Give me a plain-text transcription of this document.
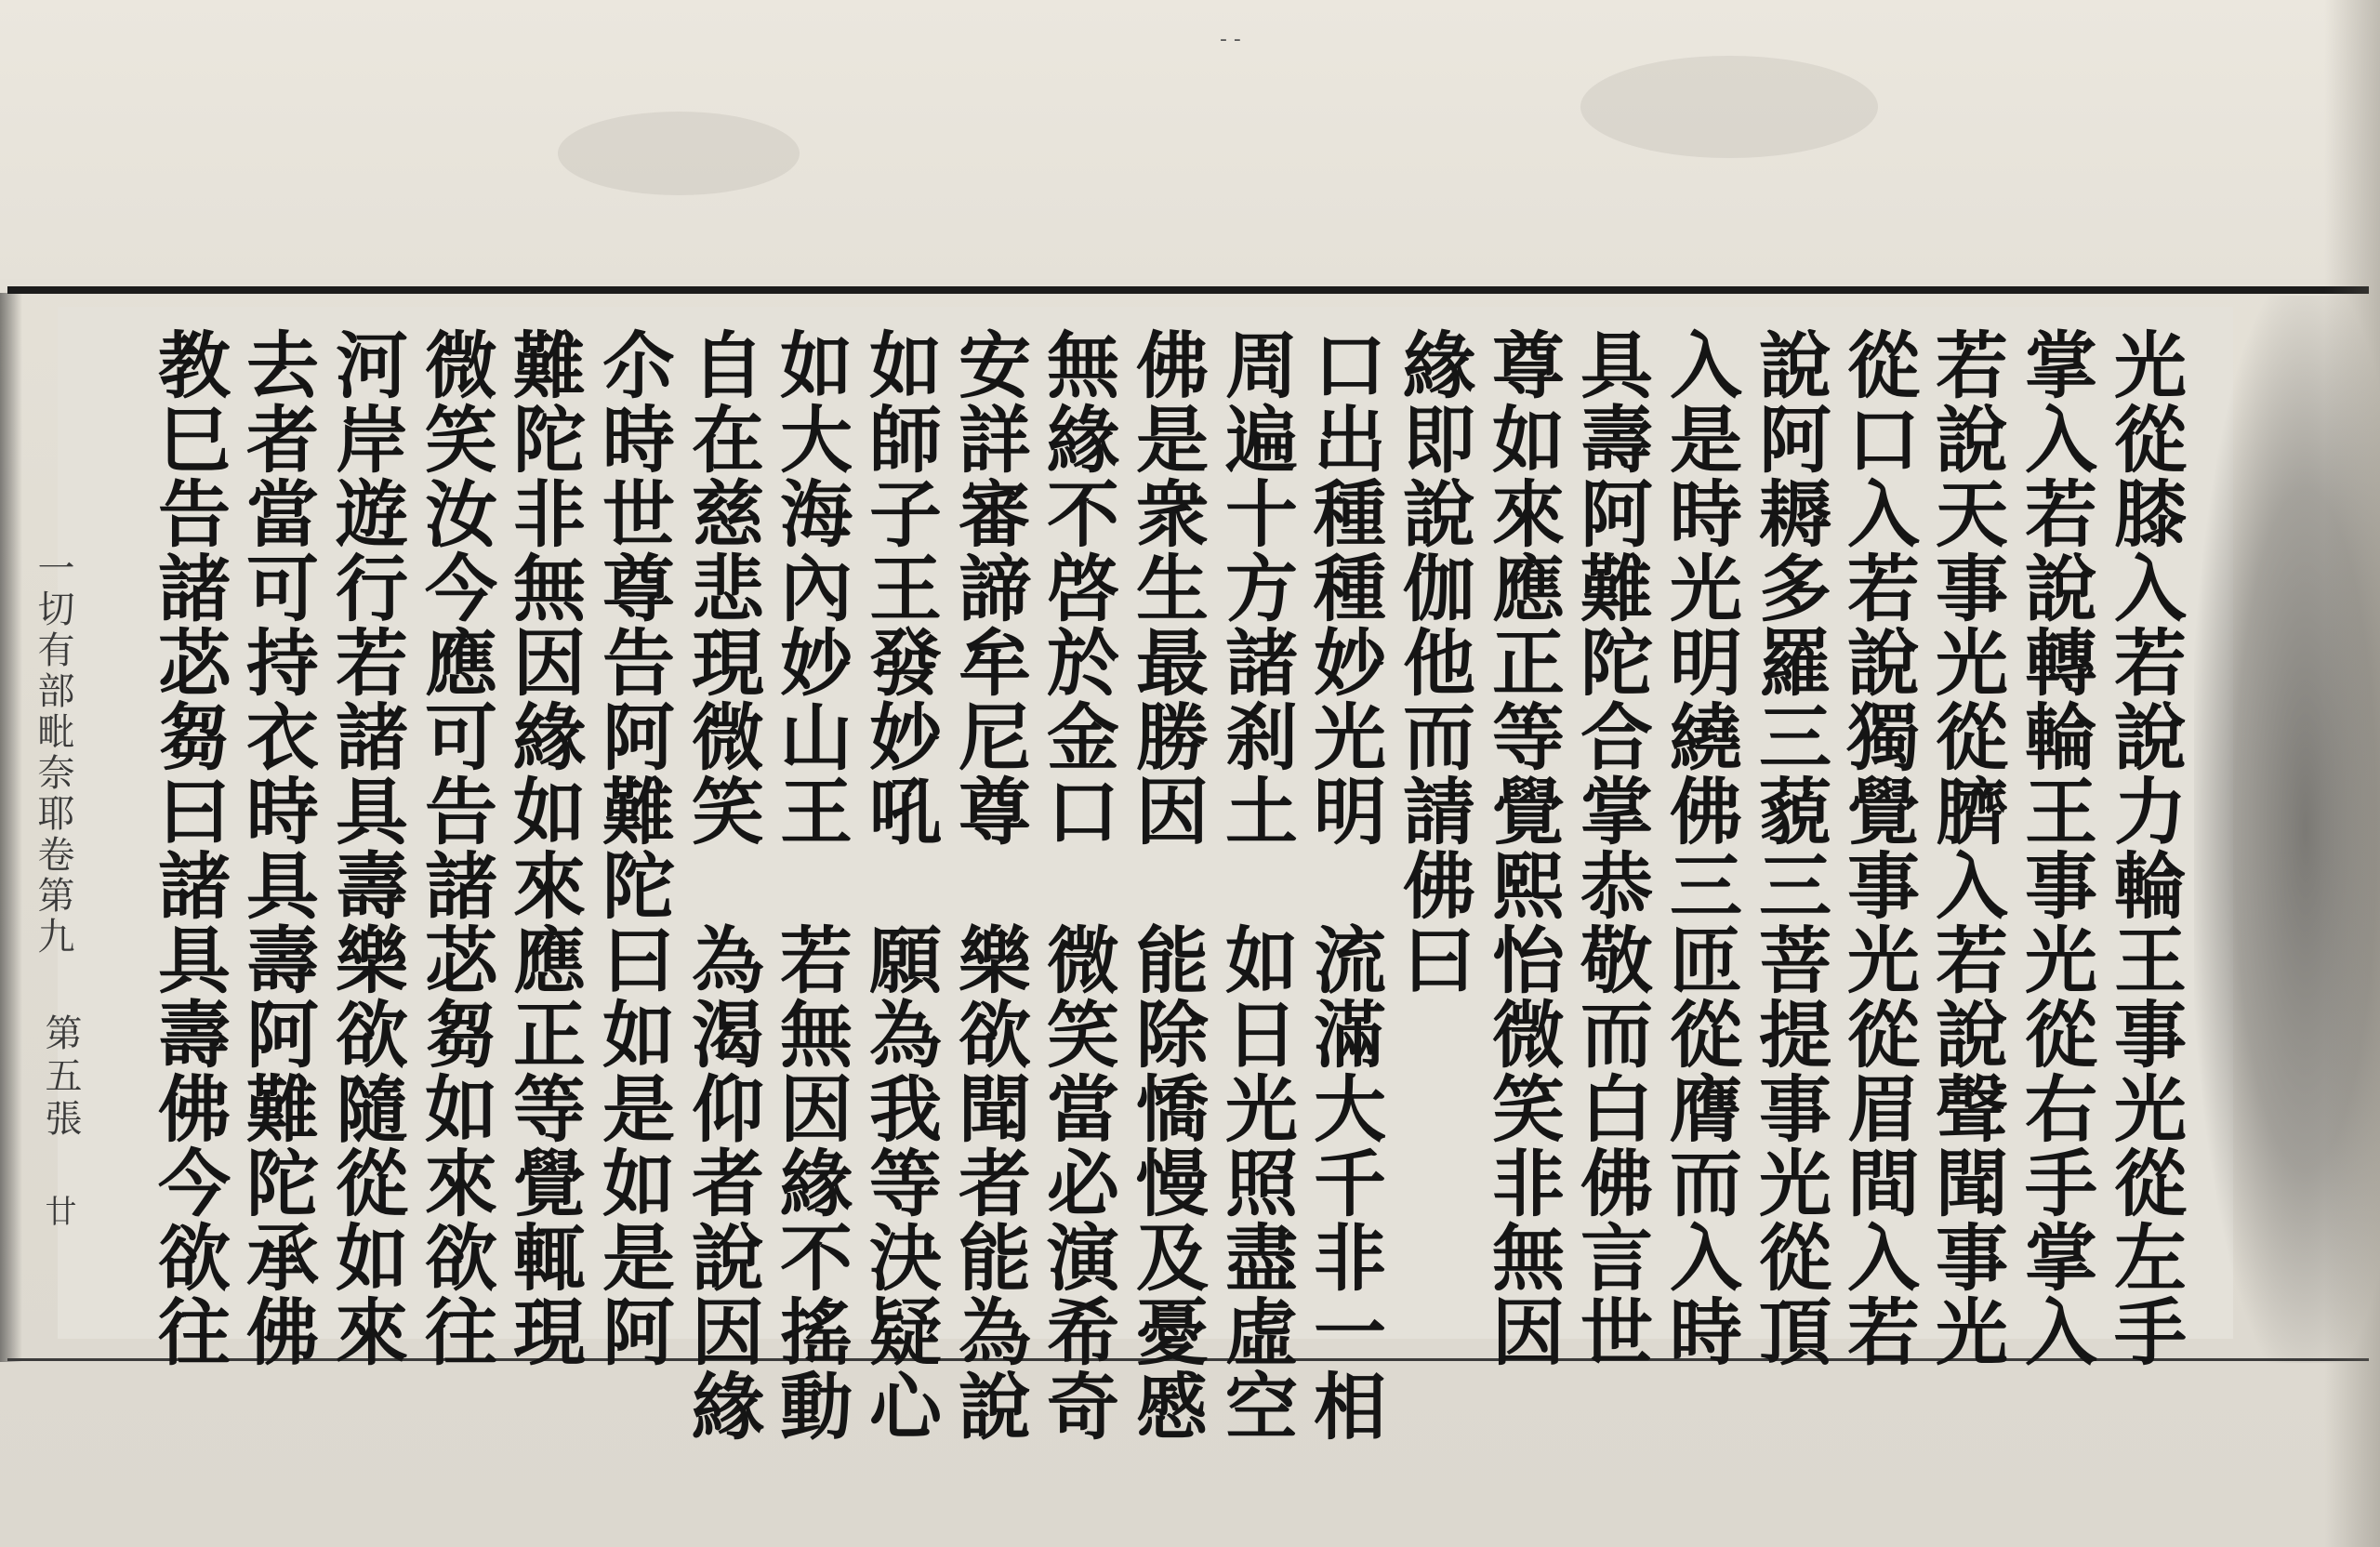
- -
一切有部毗奈耶卷第九
第五張
廿	光從膝入若說力輪王事光從左手
掌入若說轉輪王事光從右手掌入
若說天事光從臍入若說聲聞事光
從口入若說獨覺事光從眉間入若
說阿耨多羅三藐三菩提事光從頂
入是時光明繞佛三匝從膺而入時
具壽阿難陀合掌恭敬而白佛言世
尊如來應正等覺熙怡微笑非無因
緣即說伽他而請佛曰
口出種種妙光明　流滿大千非一相
周遍十方諸刹土　如日光照盡虛空
佛是衆生最勝因　能除憍慢及憂慼
無緣不啓於金口　微笑當必演希奇
安詳審諦牟尼尊　樂欲聞者能為說
如師子王發妙吼　願為我等決疑心
如大海內妙山王　若無因緣不搖動
自在慈悲現微笑　為渴仰者說因緣
尒時世尊告阿難陀曰如是如是阿
難陀非無因緣如來應正等覺輒現
微笑汝今應可告諸苾芻如來欲往
河岸遊行若諸具壽樂欲隨從如來
去者當可持衣時具壽阿難陀承佛
教巳告諸苾芻曰諸具壽佛今欲往
